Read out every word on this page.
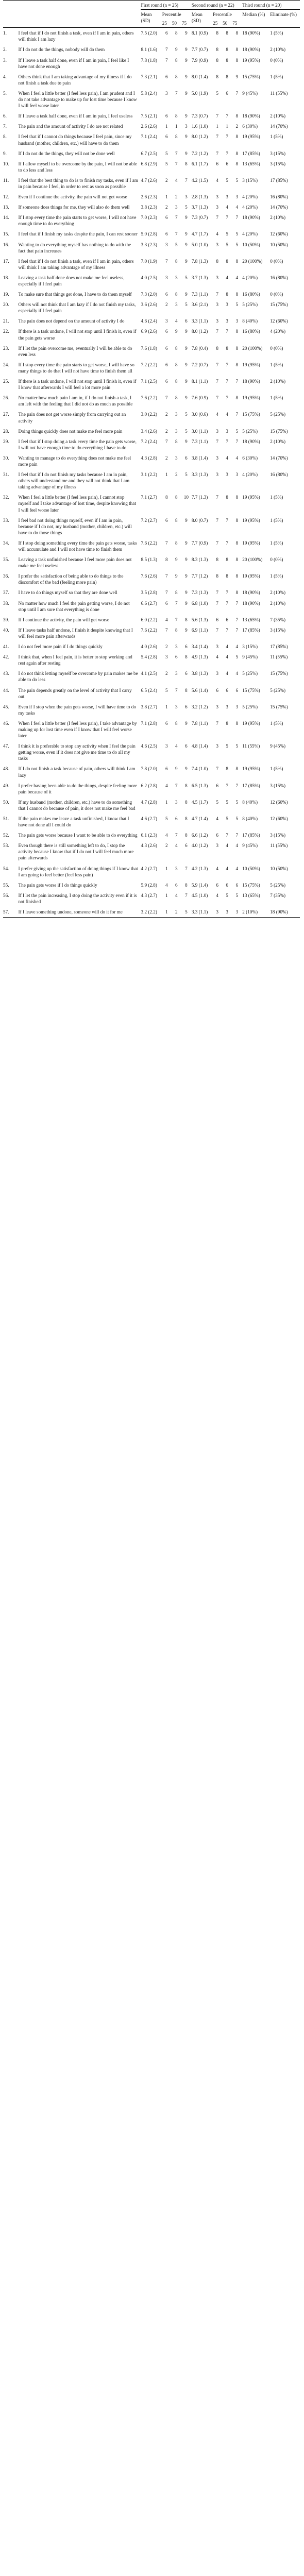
		First round (n = 25)				Second round (n = 22)				Third round (n = 20)	
		Mean (SD)	Percentile			Mean (SD)	Percentile			Median (%)	Eliminate (%)
			25	50	75		25	50	75		
1.	I feel that if I do not finish a task, even if I am in pain, others will think I am lazy	7.5 (2.0)	6	8	9	8.1 (0.9)	8	8	8	18 (90%)	1 (5%)
2.	If I do not do the things, nobody will do them	8.1 (1.6)	7	9	9	7.7 (0.7)	8	8	8	18 (90%)	2 (10%)
3.	If I leave a task half done, even if I am in pain, I feel like I have not done enough	7.8 (1.8)	7	8	9	7.9 (0.9)	8	8	8	19 (95%)	0 (0%)
4.	Others think that I am taking advantage of my illness if I do not finish a task due to pain	7.3 (2.1)	6	8	9	8.0 (1.4)	8	8	9	15 (75%)	1 (5%)
5.	When I feel a little better (I feel less pain), I am prudent and I do not take advantage to make up for lost time because I know I will feel worse later	5.8 (2.4)	3	7	9	5.0 (1.9)	5	6	7	9 (45%)	11 (55%)
6.	If I leave a task half done, even if I am in pain, I feel useless	7.5 (2.1)	6	8	9	7.3 (0.7)	7	7	8	18 (90%)	2 (10%)
7.	The pain and the amount of activity I do are not related	2.6 (2.6)	1	1	3	1.6 (1.0)	1	1	2	6 (30%)	14 (70%)
8.	I feel that if I cannot do things because I feel pain, since my husband (mother, children, etc.) will have to do them	7.1 (2.4)	6	8	9	8.0 (1.2)	7	7	8	19 (95%)	1 (5%)
9.	If I do not do the things, they will not be done well	6.7 (2.5)	5	7	9	7.2 (1.2)	7	7	8	17 (85%)	3 (15%)
10.	If I allow myself to be overcome by the pain, I will not be able to do less and less	6.8 (2.9)	5	7	8	6.1 (1.7)	6	6	8	13 (65%)	3 (15%)
11.	I feel that the best thing to do is to finish my tasks, even if I am in pain because I feel, in order to rest as soon as possible	4.7 (2.6)	2	4	7	4.2 (1.5)	4	5	5	3 (15%)	17 (85%)
12.	Even if I continue the activity, the pain will not get worse	2.6 (2.3)	1	2	3	2.8 (1.3)	3	3	3	4 (20%)	16 (80%)
13.	If someone does things for me, they will also do them well	3.8 (2.3)	2	3	5	3.7 (1.3)	3	4	4	4 (20%)	14 (70%)
14.	If I stop every time the pain starts to get worse, I will not have enough time to do everything	7.0 (2.3)	6	7	9	7.3 (0.7)	7	7	7	18 (90%)	2 (10%)
15.	I feel that if I finish my tasks despite the pain, I can rest sooner	5.0 (2.8)	6	7	9	4.7 (1.7)	4	5	5	4 (20%)	12 (60%)
16.	Wanting to do everything myself has nothing to do with the fact that pain increases	3.3 (2.3)	3	5	9	5.0 (1.0)	3	5	5	10 (50%)	10 (50%)
17.	I feel that if I do not finish a task, even if I am in pain, others will think I am taking advantage of my illness	7.0 (1.9)	7	8	9	7.8 (1.3)	8	8	8	20 (100%)	0 (0%)
18.	Leaving a task half done does not make me feel useless, especially if I feel pain	4.0 (2.5)	3	3	5	3.7 (1.3)	3	4	4	4 (20%)	16 (80%)
19.	To make sure that things get done, I have to do them myself	7.3 (2.0)	6	8	9	7.3 (1.1)	7	8	8	16 (80%)	0 (0%)
20.	Others will not think that I am lazy if I do not finish my tasks, especially if I feel pain	3.6 (2.6)	2	3	5	3.6 (2.1)	3	3	5	5 (25%)	15 (75%)
21.	The pain does not depend on the amount of activity I do	4.6 (2.4)	3	4	6	3.3 (1.1)	3	3	3	8 (40%)	12 (60%)
22.	If there is a task undone, I will not stop until I finish it, even if the pain gets worse	6.9 (2.6)	6	9	9	8.0 (1.2)	7	7	8	16 (80%)	4 (20%)
23.	If I let the pain overcome me, eventually I will be able to do even less	7.6 (1.8)	6	8	9	7.8 (0.4)	8	8	8	20 (100%)	0 (0%)
24.	If I stop every time the pain starts to get worse, I will have so many things to do that I will not have time to finish them all	7.2 (2.2)	6	8	9	7.2 (0.7)	7	7	8	19 (95%)	1 (5%)
25.	If there is a task undone, I will not stop until I finish it, even if I know that afterwards I will feel a lot more pain	7.1 (2.5)	6	8	9	8.1 (1.1)	7	7	7	18 (90%)	2 (10%)
26.	No matter how much pain I am in, if I do not finish a task, I am left with the feeling that I did not do as much as possible	7.6 (2.2)	7	8	9	7.6 (0.9)	7	7	8	19 (95%)	1 (5%)
27.	The pain does not get worse simply from carrying out an activity	3.0 (2.2)	2	3	5	3.0 (0.6)	4	4	7	15 (75%)	5 (25%)
28.	Doing things quickly does not make me feel more pain	3.4 (2.6)	2	3	5	3.0 (1.1)	3	3	5	5 (25%)	15 (75%)
29.	I feel that if I stop doing a task every time the pain gets worse, I will not have enough time to do everything I have to do	7.2 (2.4)	7	8	9	7.3 (1.1)	7	7	7	18 (90%)	2 (10%)
30.	Wanting to manage to do everything does not make me feel more pain	4.3 (2.8)	2	3	6	3.8 (1.4)	3	4	4	6 (30%)	14 (70%)
31.	I feel that if I do not finish my tasks because I am in pain, others will understand me and they will not think that I am taking advantage of my illness	3.1 (2.2)	1	2	5	3.3 (1.3)	3	3	3	4 (20%)	16 (80%)
32.	When I feel a little better (I feel less pain), I cannot stop myself and I take advantage of lost time, despite knowing that I will feel worse later	7.1 (2.7)	8	8	10	7.7 (1.3)	7	8	8	19 (95%)	1 (5%)
33.	I feel bad not doing things myself, even if I am in pain, because if I do not, my husband (mother, children, etc.) will have to do those things	7.2 (2.7)	6	8	9	8.0 (0.7)	7	7	8	19 (95%)	1 (5%)
34.	If I stop doing something every time the pain gets worse, tasks will accumulate and I will not have time to finish them	7.6 (2.2)	7	8	9	7.7 (0.9)	7	7	8	19 (95%)	1 (5%)
35.	Leaving a task unfinished because I feel more pain does not make me feel useless	8.5 (1.3)	8	9	9	8.3 (1.3)	8	8	8	20 (100%)	0 (0%)
36.	I prefer the satisfaction of being able to do things to the discomfort of the bad (feeling more pain)	7.6 (2.6)	7	9	9	7.7 (1.2)	8	8	8	19 (95%)	1 (5%)
37.	I have to do things myself so that they are done well	3.5 (2.8)	7	8	9	7.3 (1.3)	7	7	8	18 (90%)	2 (10%)
38.	No matter how much I feel the pain getting worse, I do not stop until I am sure that everything is done	6.6 (2.7)	6	7	9	6.8 (1.0)	7	7	7	18 (90%)	2 (10%)
39.	If I continue the activity, the pain will get worse	6.0 (2.2)	4	7	8	5.6 (1.3)	6	6	7	13 (65%)	7 (35%)
40.	If I leave tasks half undone, I finish it despite knowing that I will feel more pain afterwards	7.6 (2.2)	7	8	9	6.9 (1.1)	7	7	7	17 (85%)	3 (15%)
41.	I do not feel more pain if I do things quickly	4.0 (2.6)	2	3	6	3.4 (1.4)	3	4	4	3 (15%)	17 (85%)
42.	I think that, when I feel pain, it is better to stop working and rest again after resting	5.4 (2.8)	3	6	8	4.9 (1.3)	4	4	5	9 (45%)	11 (55%)
43.	I do not think letting myself be overcome by pain makes me be able to do less	4.1 (2.5)	2	3	6	3.8 (1.3)	3	4	4	5 (25%)	15 (75%)
44.	The pain depends greatly on the level of activity that I carry out	6.5 (2.4)	5	7	8	5.6 (1.4)	6	6	6	15 (75%)	5 (25%)
45.	Even if I stop when the pain gets worse, I will have time to do my tasks	3.8 (2.7)	1	3	6	3.2 (1.2)	3	3	3	5 (25%)	15 (75%)
46.	When I feel a little better (I feel less pain), I take advantage by making up for lost time even if I know that I will feel worse later	7.1 (2.8)	6	8	9	7.8 (1.1)	7	8	8	19 (95%)	1 (5%)
47.	I think it is preferable to stop any activity when I feel the pain getting worse, even if it does not give me time to do all my tasks	4.6 (2.5)	3	4	6	4.8 (1.4)	3	5	5	11 (55%)	9 (45%)
48.	If I do not finish a task because of pain, others will think I am lazy	7.8 (2.0)	6	9	9	7.4 (1.0)	7	8	8	19 (95%)	1 (5%)
49.	I prefer having been able to do the things, despite feeling more pain because of it	6.2 (2.8)	4	7	8	6.5 (1.3)	6	7	7	17 (85%)	3 (15%)
50.	If my husband (mother, children, etc.) have to do something that I cannot do because of pain, it does not make me feel bad	4.7 (2.8)	1	3	8	4.5 (1.7)	5	5	5	8 (40%)	12 (60%)
51.	If the pain makes me leave a task unfinished, I know that I have not done all I could do	4.6 (2.7)	5	6	8	4.7 (1.4)	4	5	5	8 (40%)	12 (60%)
52.	The pain gets worse because I want to be able to do everything	6.1 (2.3)	4	7	8	6.6 (1.2)	6	7	7	17 (85%)	3 (15%)
53.	Even though there is still something left to do, I stop the activity because I know that if I do not I will feel much more pain afterwards	4.3 (2.6)	2	4	6	4.0 (1.2)	3	4	4	9 (45%)	11 (55%)
54.	I prefer giving up the satisfaction of doing things if I know that I am going to feel better (feel less pain)	4.2 (2.7)	1	3	7	4.2 (1.3)	4	4	4	10 (50%)	10 (50%)
55.	The pain gets worse if I do things quickly	5.9 (2.8)	4	6	8	5.9 (1.4)	6	6	6	15 (75%)	5 (25%)
56.	If I let the pain increasing, I stop doing the activity even if it is not finished	4.3 (2.7)	1	4	7	4.5 (1.0)	4	5	5	13 (65%)	7 (35%)
57.	If I leave something undone, someone will do it for me	3.2 (2.2)	1	2	5	3.3 (1.1)	3	3	3	2 (10%)	18 (90%)
